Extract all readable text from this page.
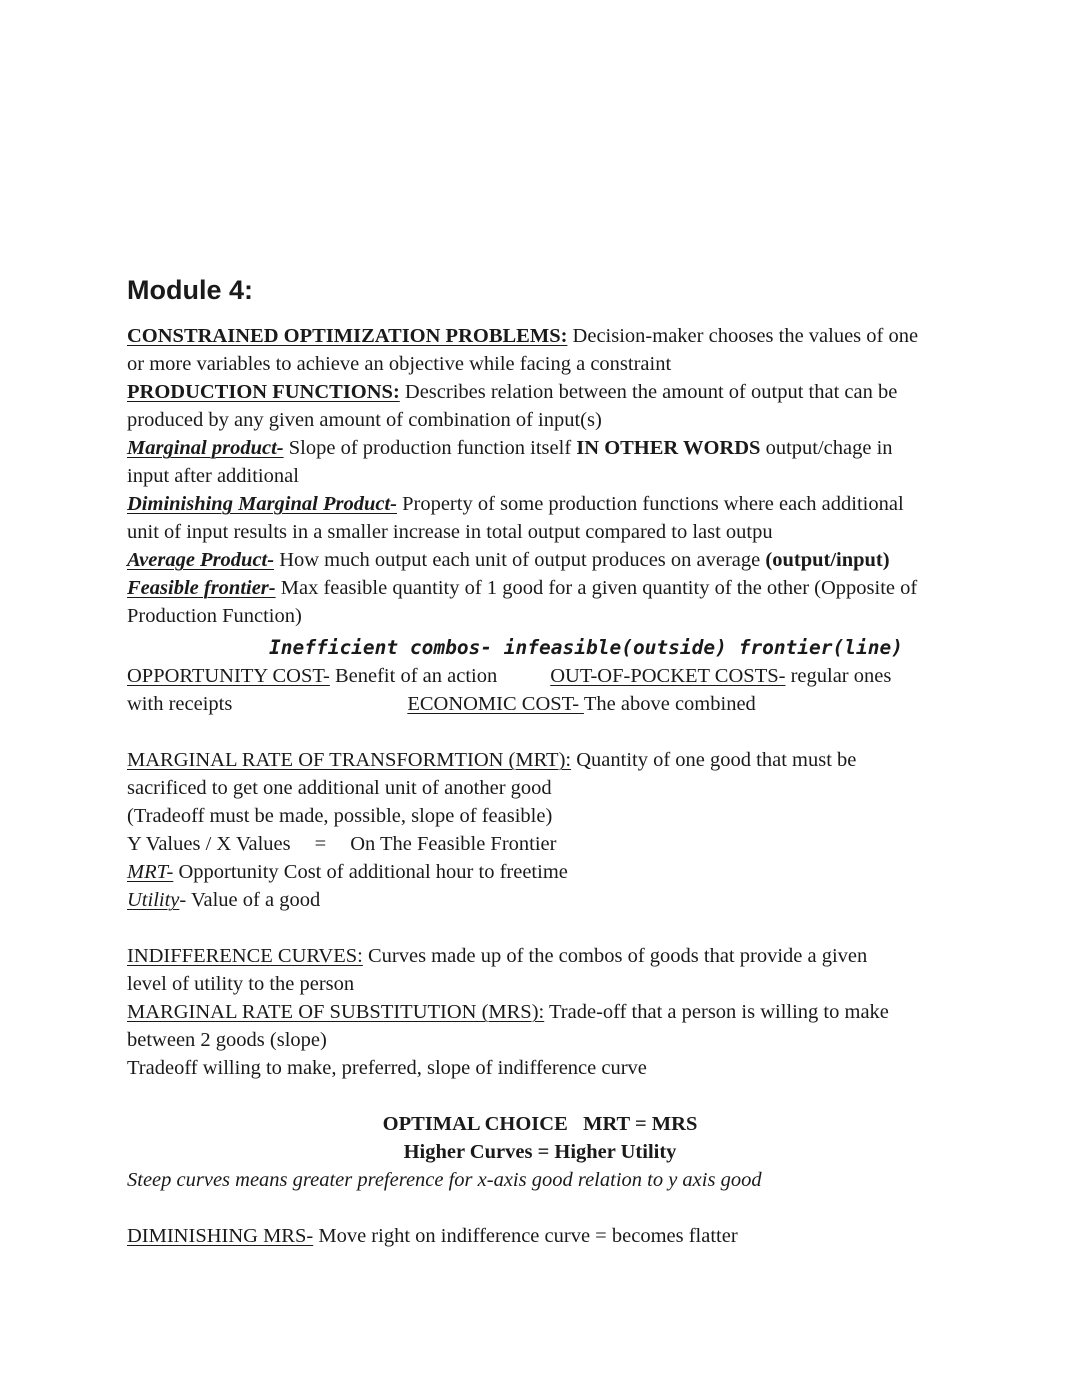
Module 4:
CONSTRAINED OPTIMIZATION PROBLEMS: Decision-maker chooses the values of one
or more variables to achieve an objective while facing a constraint
PRODUCTION FUNCTIONS: Describes relation between the amount of output that can be
produced by any given amount of combination of input(s)
Marginal product- Slope of production function itself IN OTHER WORDS output/chage in
input after additional
Diminishing Marginal Product- Property of some production functions where each additional
unit of input results in a smaller increase in total output compared to last outpu
Average Product- How much output each unit of output produces on average (output/input)
Feasible frontier- Max feasible quantity of 1 good for a given quantity of the other (Opposite of
Production Function)
Inefficient combos- infeasible(outside) frontier(line)
OPPORTUNITY COST- Benefit of an action	OUT-OF-POCKET COSTS- regular ones
with receipts	ECONOMIC COST- The above combined
MARGINAL RATE OF TRANSFORMTION (MRT): Quantity of one good that must be
sacrificed to get one additional unit of another good
(Tradeoff must be made, possible, slope of feasible)
Y Values / X Values = On The Feasible Frontier
MRT- Opportunity Cost of additional hour to freetime
Utility- Value of a good
INDIFFERENCE CURVES: Curves made up of the combos of goods that provide a given
level of utility to the person
MARGINAL RATE OF SUBSTITUTION (MRS): Trade-off that a person is willing to make
between 2 goods (slope)
Tradeoff willing to make, preferred, slope of indifference curve
OPTIMAL CHOICE   MRT = MRS
Higher Curves = Higher Utility
Steep curves means greater preference for x-axis good relation to y axis good
DIMINISHING MRS- Move right on indifference curve = becomes flatter
